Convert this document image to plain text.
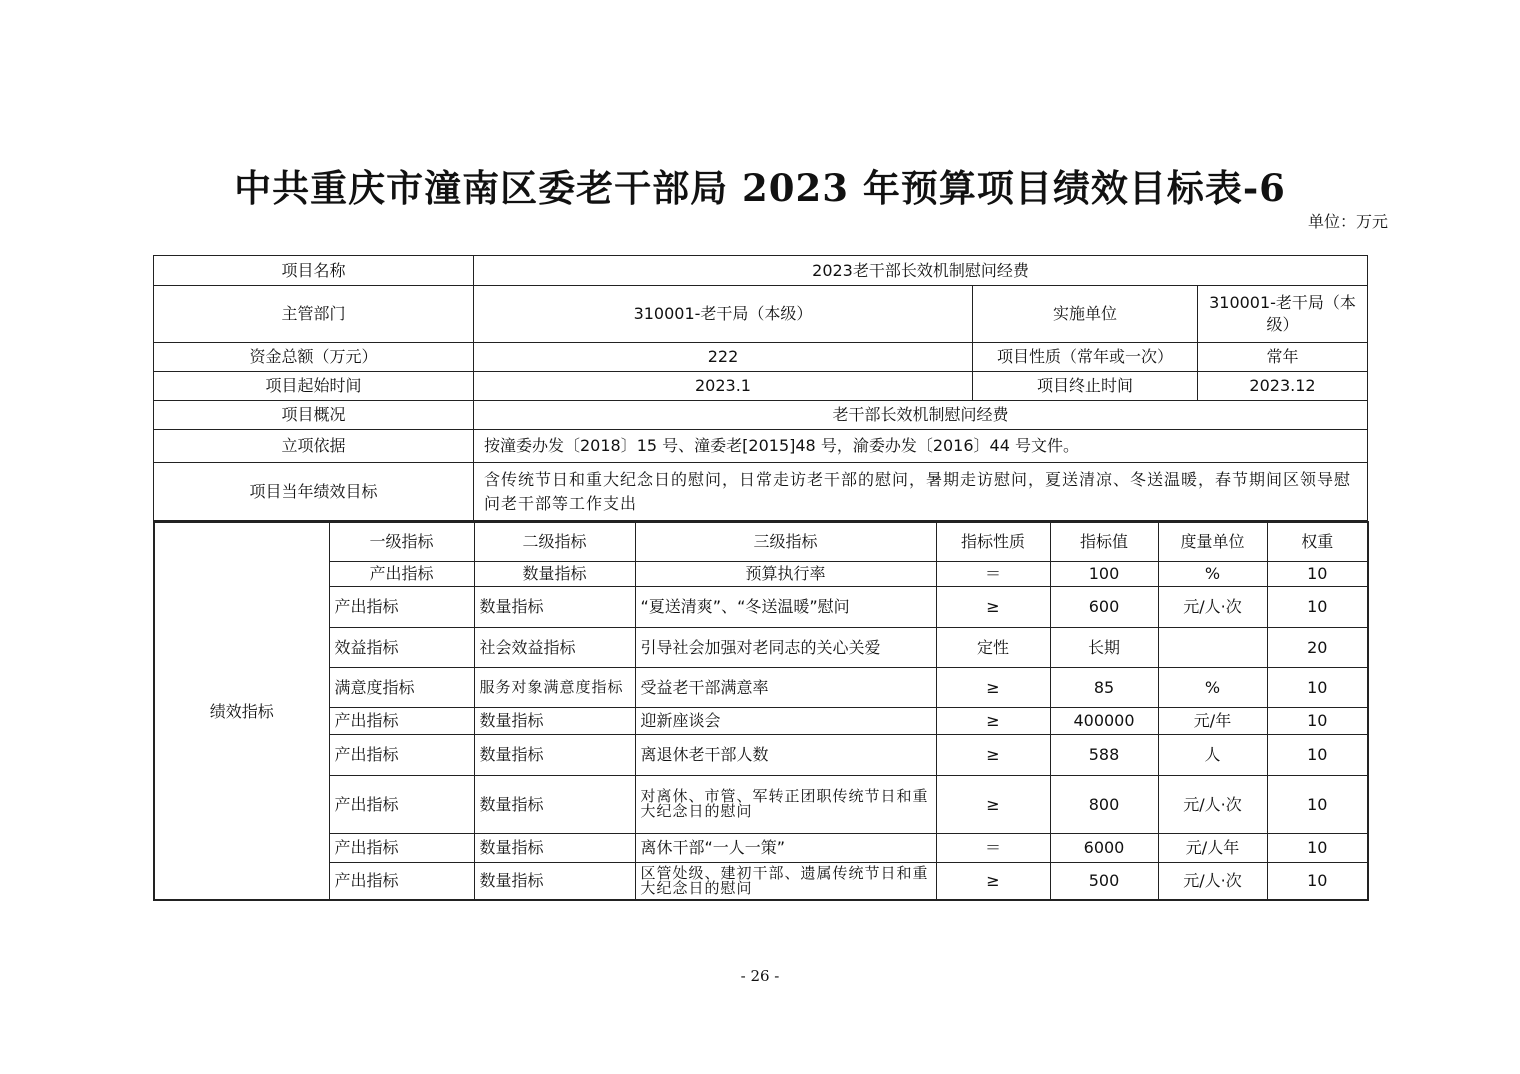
中共重庆市潼南区委老干部局 2023 年预算项目绩效目标表-6
单位：万元
项目名称	2023老干部长效机制慰问经费		
主管部门	310001-老干局（本级）	实施单位	310001-老干局（本级）
资金总额（万元）	222	项目性质（常年或一次）	常年
项目起始时间	2023.1	项目终止时间	2023.12
项目概况	老干部长效机制慰问经费		
立项依据	按潼委办发〔2018〕15 号、潼委老[2015]48 号，渝委办发〔2016〕44 号文件。		
项目当年绩效目标	含传统节日和重大纪念日的慰问，日常走访老干部的慰问，暑期走访慰问，夏送清凉、冬送温暖，春节期间区领导慰问老干部等工作支出		
绩效指标	一级指标	二级指标	三级指标	指标性质	指标值	度量单位	权重
	产出指标	数量指标	预算执行率	＝	100	%	10
	产出指标	数量指标	“夏送清爽”、“冬送温暖”慰问	≥	600	元/人·次	10
	效益指标	社会效益指标	引导社会加强对老同志的关心关爱	定性	长期		20
	满意度指标	服务对象满意度指标	受益老干部满意率	≥	85	%	10
	产出指标	数量指标	迎新座谈会	≥	400000	元/年	10
	产出指标	数量指标	离退休老干部人数	≥	588	人	10
	产出指标	数量指标	对离休、市管、军转正团职传统节日和重大纪念日的慰问	≥	800	元/人·次	10
	产出指标	数量指标	离休干部“一人一策”	＝	6000	元/人年	10
	产出指标	数量指标	区管处级、建初干部、遗属传统节日和重大纪念日的慰问	≥	500	元/人·次	10
- 26 -
